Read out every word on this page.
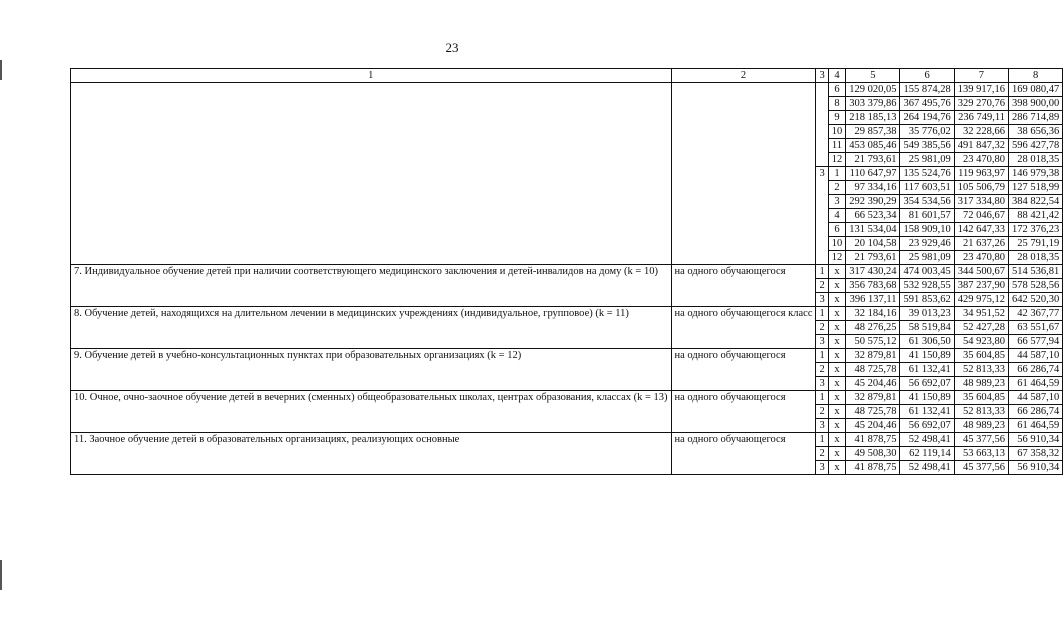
23
1	2	3	4	5	6	7	8
			6	129 020,05	155 874,28	139 917,16	169 080,47
			8	303 379,86	367 495,76	329 270,76	398 900,00
			9	218 185,13	264 194,76	236 749,11	286 714,89
			10	29 857,38	35 776,02	32 228,66	38 656,36
			11	453 085,46	549 385,56	491 847,32	596 427,78
			12	21 793,61	25 981,09	23 470,80	28 018,35
		3	1	110 647,97	135 524,76	119 963,97	146 979,38
			2	97 334,16	117 603,51	105 506,79	127 518,99
			3	292 390,29	354 534,56	317 334,80	384 822,54
			4	66 523,34	81 601,57	72 046,67	88 421,42
			6	131 534,04	158 909,10	142 647,33	172 376,23
			10	20 104,58	23 929,46	21 637,26	25 791,19
			12	21 793,61	25 981,09	23 470,80	28 018,35
7. Индивидуальное обучение детей при наличии соответствующего медицинского заключения и детей-инвалидов на дому (k = 10)	на одного обучающегося	1	х	317 430,24	474 003,45	344 500,67	514 536,81
		2	х	356 783,68	532 928,55	387 237,90	578 528,56
		3	х	396 137,11	591 853,62	429 975,12	642 520,30
8. Обучение детей, находящихся на длительном лечении в медицинских учреждениях (индивидуальное, групповое) (k = 11)	на одного обучающегося класс	1	х	32 184,16	39 013,23	34 951,52	42 367,77
		2	х	48 276,25	58 519,84	52 427,28	63 551,67
		3	х	50 575,12	61 306,50	54 923,80	66 577,94
9. Обучение детей в учебно-консультационных пунктах при образовательных организациях (k = 12)	на одного обучающегося	1	х	32 879,81	41 150,89	35 604,85	44 587,10
		2	х	48 725,78	61 132,41	52 813,33	66 286,74
		3	х	45 204,46	56 692,07	48 989,23	61 464,59
10. Очное, очно-заочное обучение детей в вечерних (сменных) общеобразовательных школах, центрах образования, классах (k = 13)	на одного обучающегося	1	х	32 879,81	41 150,89	35 604,85	44 587,10
		2	х	48 725,78	61 132,41	52 813,33	66 286,74
		3	х	45 204,46	56 692,07	48 989,23	61 464,59
11. Заочное обучение детей в образовательных организациях, реализующих основные	на одного обучающегося	1	х	41 878,75	52 498,41	45 377,56	56 910,34
		2	х	49 508,30	62 119,14	53 663,13	67 358,32
		3	х	41 878,75	52 498,41	45 377,56	56 910,34
